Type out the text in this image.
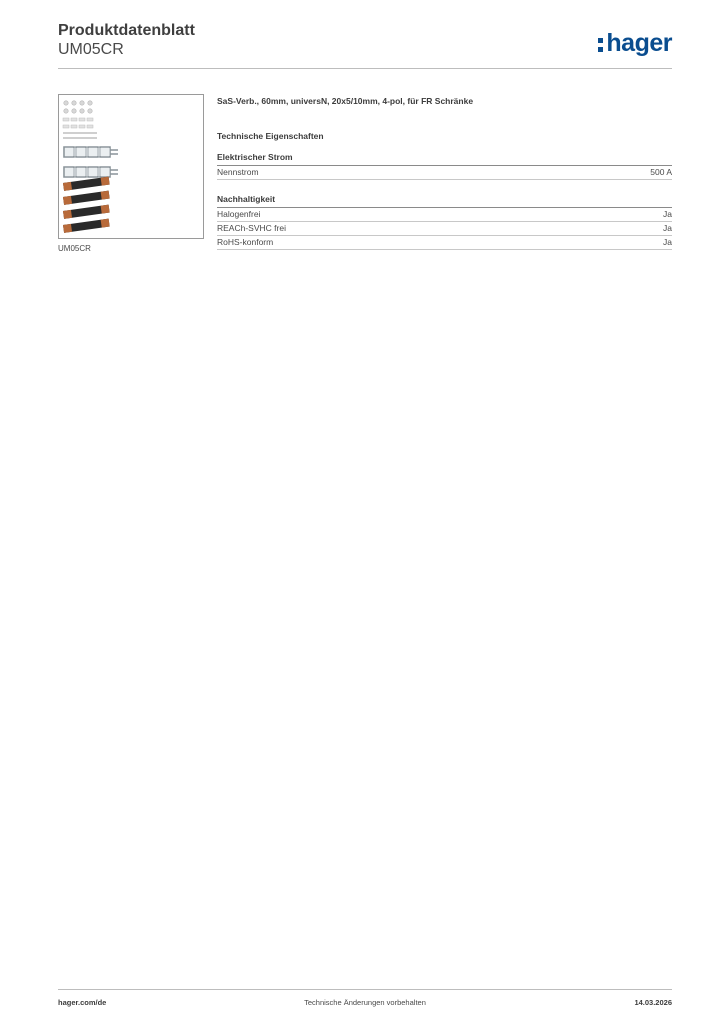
Produktdatenblatt
UM05CR	hager
UM05CR
SaS-Verb., 60mm, universN, 20x5/10mm, 4-pol, für FR Schränke
Technische Eigenschaften
Elektrischer Strom
Nennstrom	500 A
Nachhaltigkeit
Halogenfrei	Ja
REACh-SVHC frei	Ja
RoHS-konform	Ja
hager.com/de	Technische Änderungen vorbehalten	14.03.2026
